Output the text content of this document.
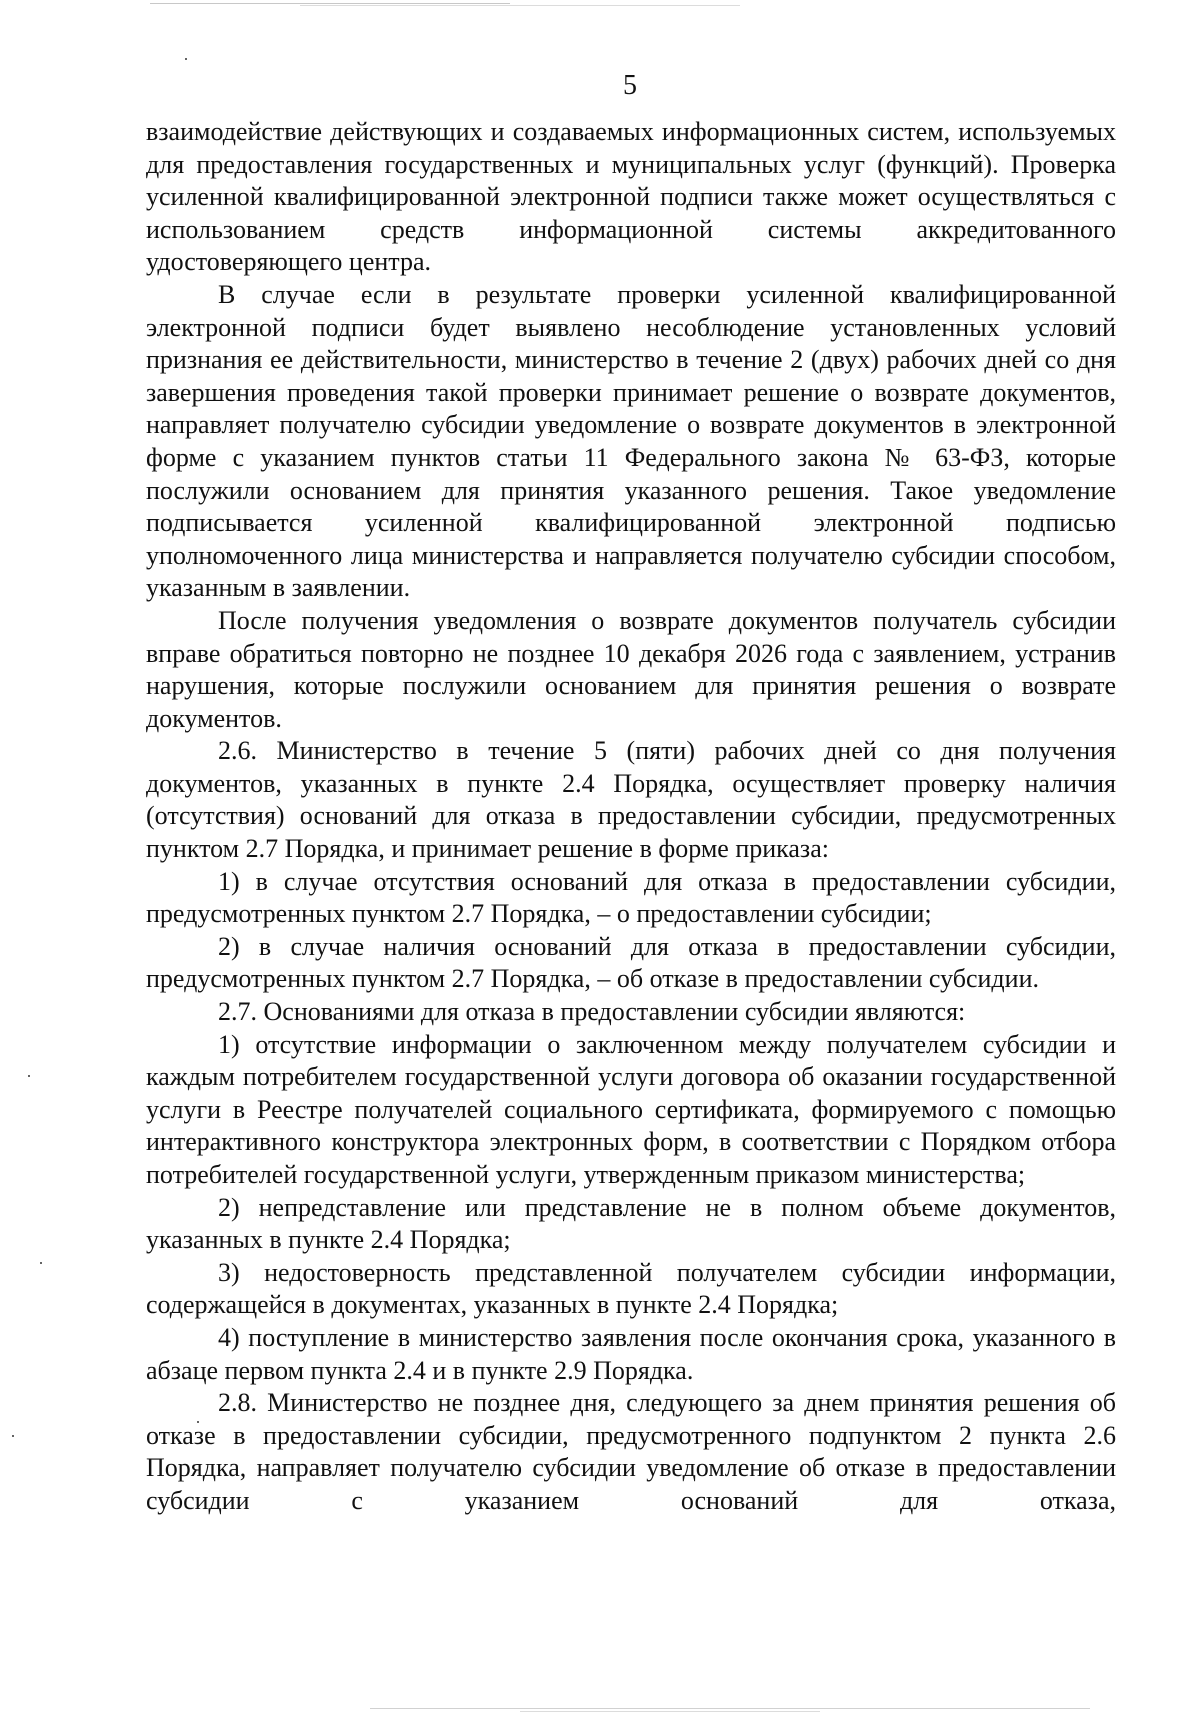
5

взаимодействие действующих и создаваемых информационных систем, используемых для предоставления государственных и муниципальных услуг (функций). Проверка усиленной квалифицированной электронной подписи также может осуществляться с использованием средств информационной системы аккредитованного удостоверяющего центра.

В случае если в результате проверки усиленной квалифицированной электронной подписи будет выявлено несоблюдение установленных условий признания ее действительности, министерство в течение 2 (двух) рабочих дней со дня завершения проведения такой проверки принимает решение о возврате документов, направляет получателю субсидии уведомление о возврате документов в электронной форме с указанием пунктов статьи 11 Федерального закона № 63-ФЗ, которые послужили основанием для принятия указанного решения. Такое уведомление подписывается усиленной квалифицированной электронной подписью уполномоченного лица министерства и направляется получателю субсидии способом, указанным в заявлении.

После получения уведомления о возврате документов получатель субсидии вправе обратиться повторно не позднее 10 декабря 2026 года с заявлением, устранив нарушения, которые послужили основанием для принятия решения о возврате документов.

2.6. Министерство в течение 5 (пяти) рабочих дней со дня получения документов, указанных в пункте 2.4 Порядка, осуществляет проверку наличия (отсутствия) оснований для отказа в предоставлении субсидии, предусмотренных пунктом 2.7 Порядка, и принимает решение в форме приказа:

1) в случае отсутствия оснований для отказа в предоставлении субсидии, предусмотренных пунктом 2.7 Порядка, – о предоставлении субсидии;

2) в случае наличия оснований для отказа в предоставлении субсидии, предусмотренных пунктом 2.7 Порядка, – об отказе в предоставлении субсидии.

2.7. Основаниями для отказа в предоставлении субсидии являются:

1) отсутствие информации о заключенном между получателем субсидии и каждым потребителем государственной услуги договора об оказании государственной услуги в Реестре получателей социального сертификата, формируемого с помощью интерактивного конструктора электронных форм, в соответствии с Порядком отбора потребителей государственной услуги, утвержденным приказом министерства;

2) непредставление или представление не в полном объеме документов, указанных в пункте 2.4 Порядка;

3) недостоверность представленной получателем субсидии информации, содержащейся в документах, указанных в пункте 2.4 Порядка;

4) поступление в министерство заявления после окончания срока, указанного в абзаце первом пункта 2.4 и в пункте 2.9 Порядка.

2.8. Министерство не позднее дня, следующего за днем принятия решения об отказе в предоставлении субсидии, предусмотренного подпунктом 2 пункта 2.6 Порядка, направляет получателю субсидии уведомление об отказе в предоставлении субсидии с указанием оснований для отказа,
